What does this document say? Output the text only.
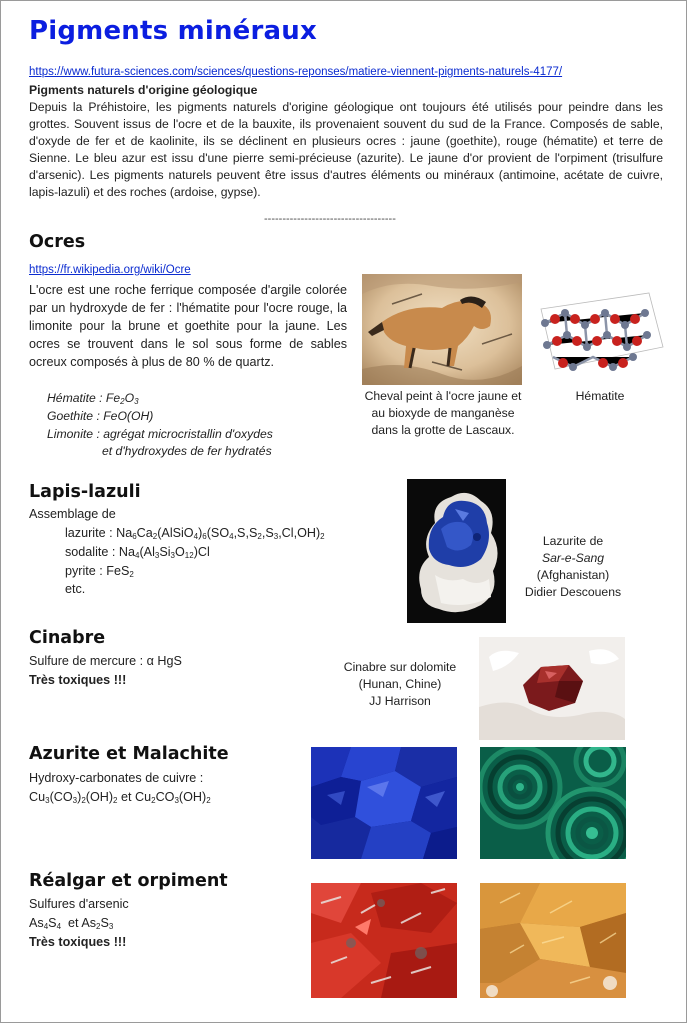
Pigments minéraux
https://www.futura-sciences.com/sciences/questions-reponses/matiere-viennent-pigments-naturels-4177/
Pigments naturels d'origine géologique
Depuis la Préhistoire, les pigments naturels d'origine géologique ont toujours été utilisés pour peindre dans les grottes. Souvent issus de l'ocre et de la bauxite, ils provenaient souvent du sud de la France. Composés de sable, d'oxyde de fer et de kaolinite, ils se déclinent en plusieurs ocres : jaune (goethite), rouge (hématite) et terre de Sienne. Le bleu azur est issu d'une pierre semi-précieuse (azurite). Le jaune d'or provient de l'orpiment (trisulfure d'arsenic). Les pigments naturels peuvent être issus d'autres éléments ou minéraux (antimoine, acétate de cuivre, lapis-lazuli) et des roches (ardoise, gypse).
------------------------------------
Ocres
https://fr.wikipedia.org/wiki/Ocre
L'ocre est une roche ferrique composée d'argile colorée par un hydroxyde de fer : l'hématite pour l'ocre rouge, la limonite pour la brune et goethite pour la jaune. Les ocres se trouvent dans le sol sous forme de sables ocreux composés à plus de 80 % de quartz.
Hématite : $Fe_2O_3$
Goethite : FeO(OH)
Limonite : agrégat microcristallin d'oxydes
et d'hydroxydes de fer hydratés
Cheval peint à l'ocre jaune et au bioxyde de manganèse dans la grotte de Lascaux.
Hématite
Lapis-lazuli
Assemblage de
lazurite : $Na_6Ca_2(AlSiO_4)_6(SO_4,S,S_2,S_3,Cl,OH)_2$
sodalite : $Na_4(Al_3Si_3O_{12})Cl$
pyrite : FeS$_2$
etc.
Lazurite de
Sar-e-Sang
(Afghanistan)
Didier Descouens
Cinabre
Sulfure de mercure : α HgS
Très toxiques !!!
Cinabre sur dolomite
(Hunan, Chine)
JJ Harrison
Azurite et Malachite
Hydroxy-carbonates de cuivre :
$Cu_3(CO_3)_2(OH)_2$ et $Cu_2CO_3(OH)_2$
Réalgar et orpiment
Sulfures d'arsenic
$As_4S_4$  et $As_2S_3$
Très toxiques !!!
